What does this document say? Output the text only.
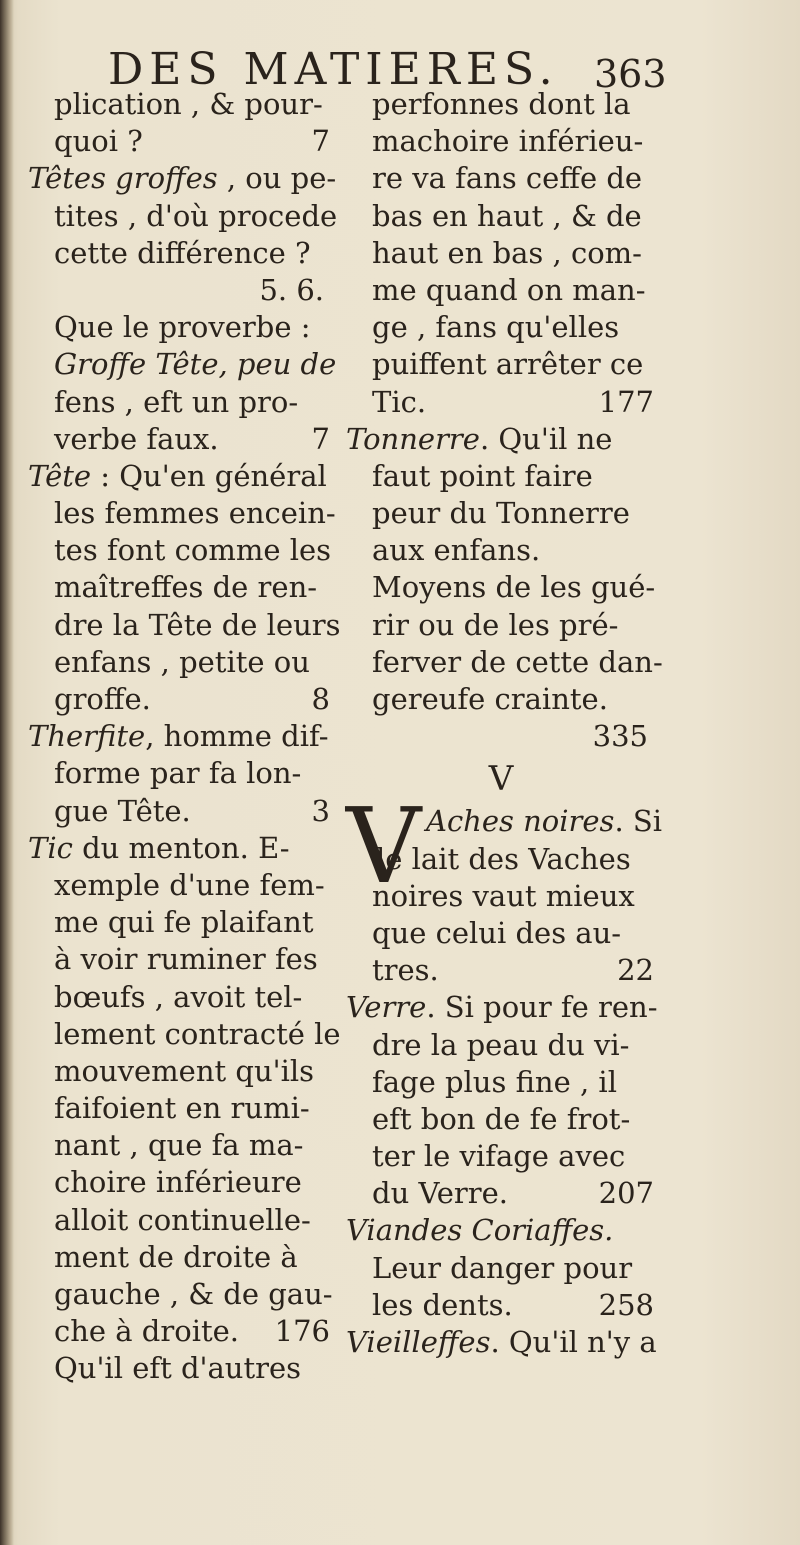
DES MATIERES. 363
plication , & pour-
quoi ?	7
Têtes groffes , ou pe-
tites , d'où procede
cette différence ?
5. 6.
Que le proverbe :
Groffe Tête, peu de
fens , eft un pro-
verbe faux.	7
Tête : Qu'en général
les femmes encein-
tes font comme les
maîtreffes de ren-
dre la Tête de leurs
enfans , petite ou
groffe.	8
Therfite, homme dif-
forme par fa lon-
gue Tête.	3
Tic du menton. E-
xemple d'une fem-
me qui fe plaifant
à voir ruminer fes
bœufs , avoit tel-
lement contracté le
mouvement qu'ils
faifoient en rumi-
nant , que fa ma-
choire inférieure
alloit continuelle-
ment de droite à
gauche , & de gau-
che à droite. 176
Qu'il eft d'autres
perfonnes dont la
machoire inférieu-
re va fans ceffe de
bas en haut , & de
haut en bas , com-
me quand on man-
ge , fans qu'elles
puiffent arrêter ce
Tic.	177
Tonnerre. Qu'il ne
faut point faire
peur du Tonnerre
aux enfans.
Moyens de les gué-
rir ou de les pré-
ferver de cette dan-
gereufe crainte.
335
V
V Aches noires. Si
le lait des Vaches
noires vaut mieux
que celui des au-
tres.	22
Verre. Si pour fe ren-
dre la peau du vi-
fage plus fine , il
eft bon de fe frot-
ter le vifage avec
du Verre.	207
Viandes Coriaffes.
Leur danger pour
les dents.	258
Vieilleffes. Qu'il n'y a
